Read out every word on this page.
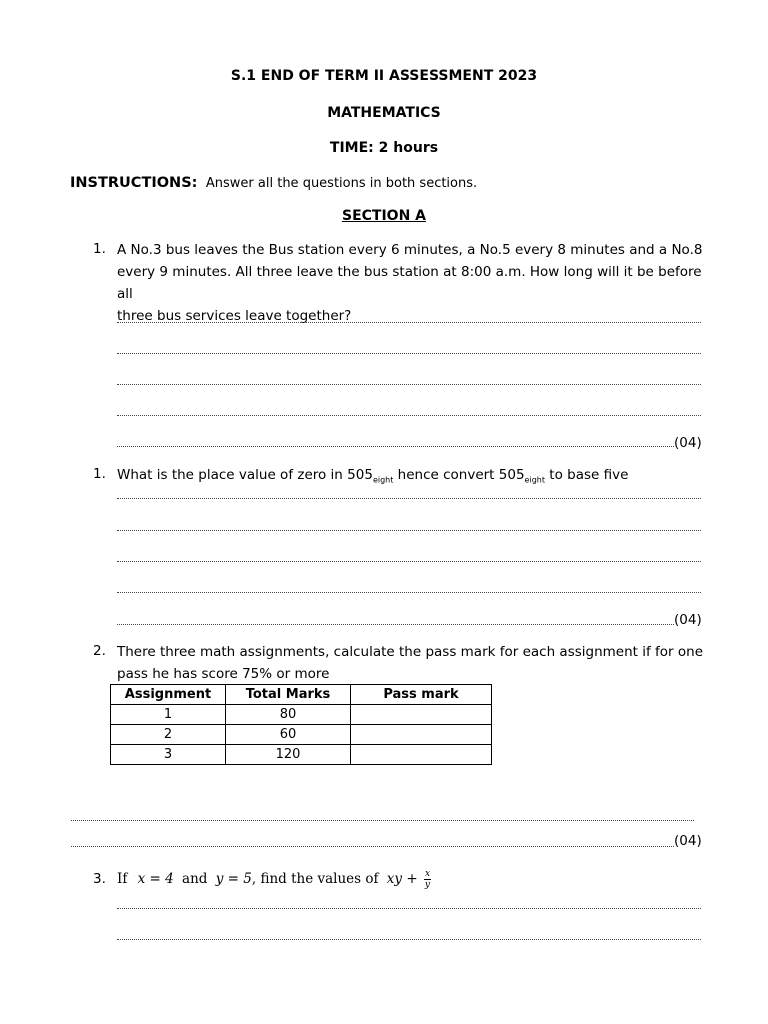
S.1 END OF TERM II ASSESSMENT 2023
MATHEMATICS
TIME: 2 hours
INSTRUCTIONS: Answer all the questions in both sections.
SECTION A
1. A No.3 bus leaves the Bus station every 6 minutes, a No.5 every 8 minutes and a No.8
every 9 minutes. All three leave the bus station at 8:00 a.m. How long will it be before all
three bus services leave together?
(04)
1. What is the place value of zero in $505_{eight}$ hence convert $505_{eight}$ to base five
(04)
2. There three math assignments, calculate the pass mark for each assignment if for one
pass he has score 75% or more
Assignment	Total Marks	Pass mark
1	80	
2	60	
3	120	
(04)
3. If x = 4 and y = 5, find the values of xy + $\frac{x}{y}$
